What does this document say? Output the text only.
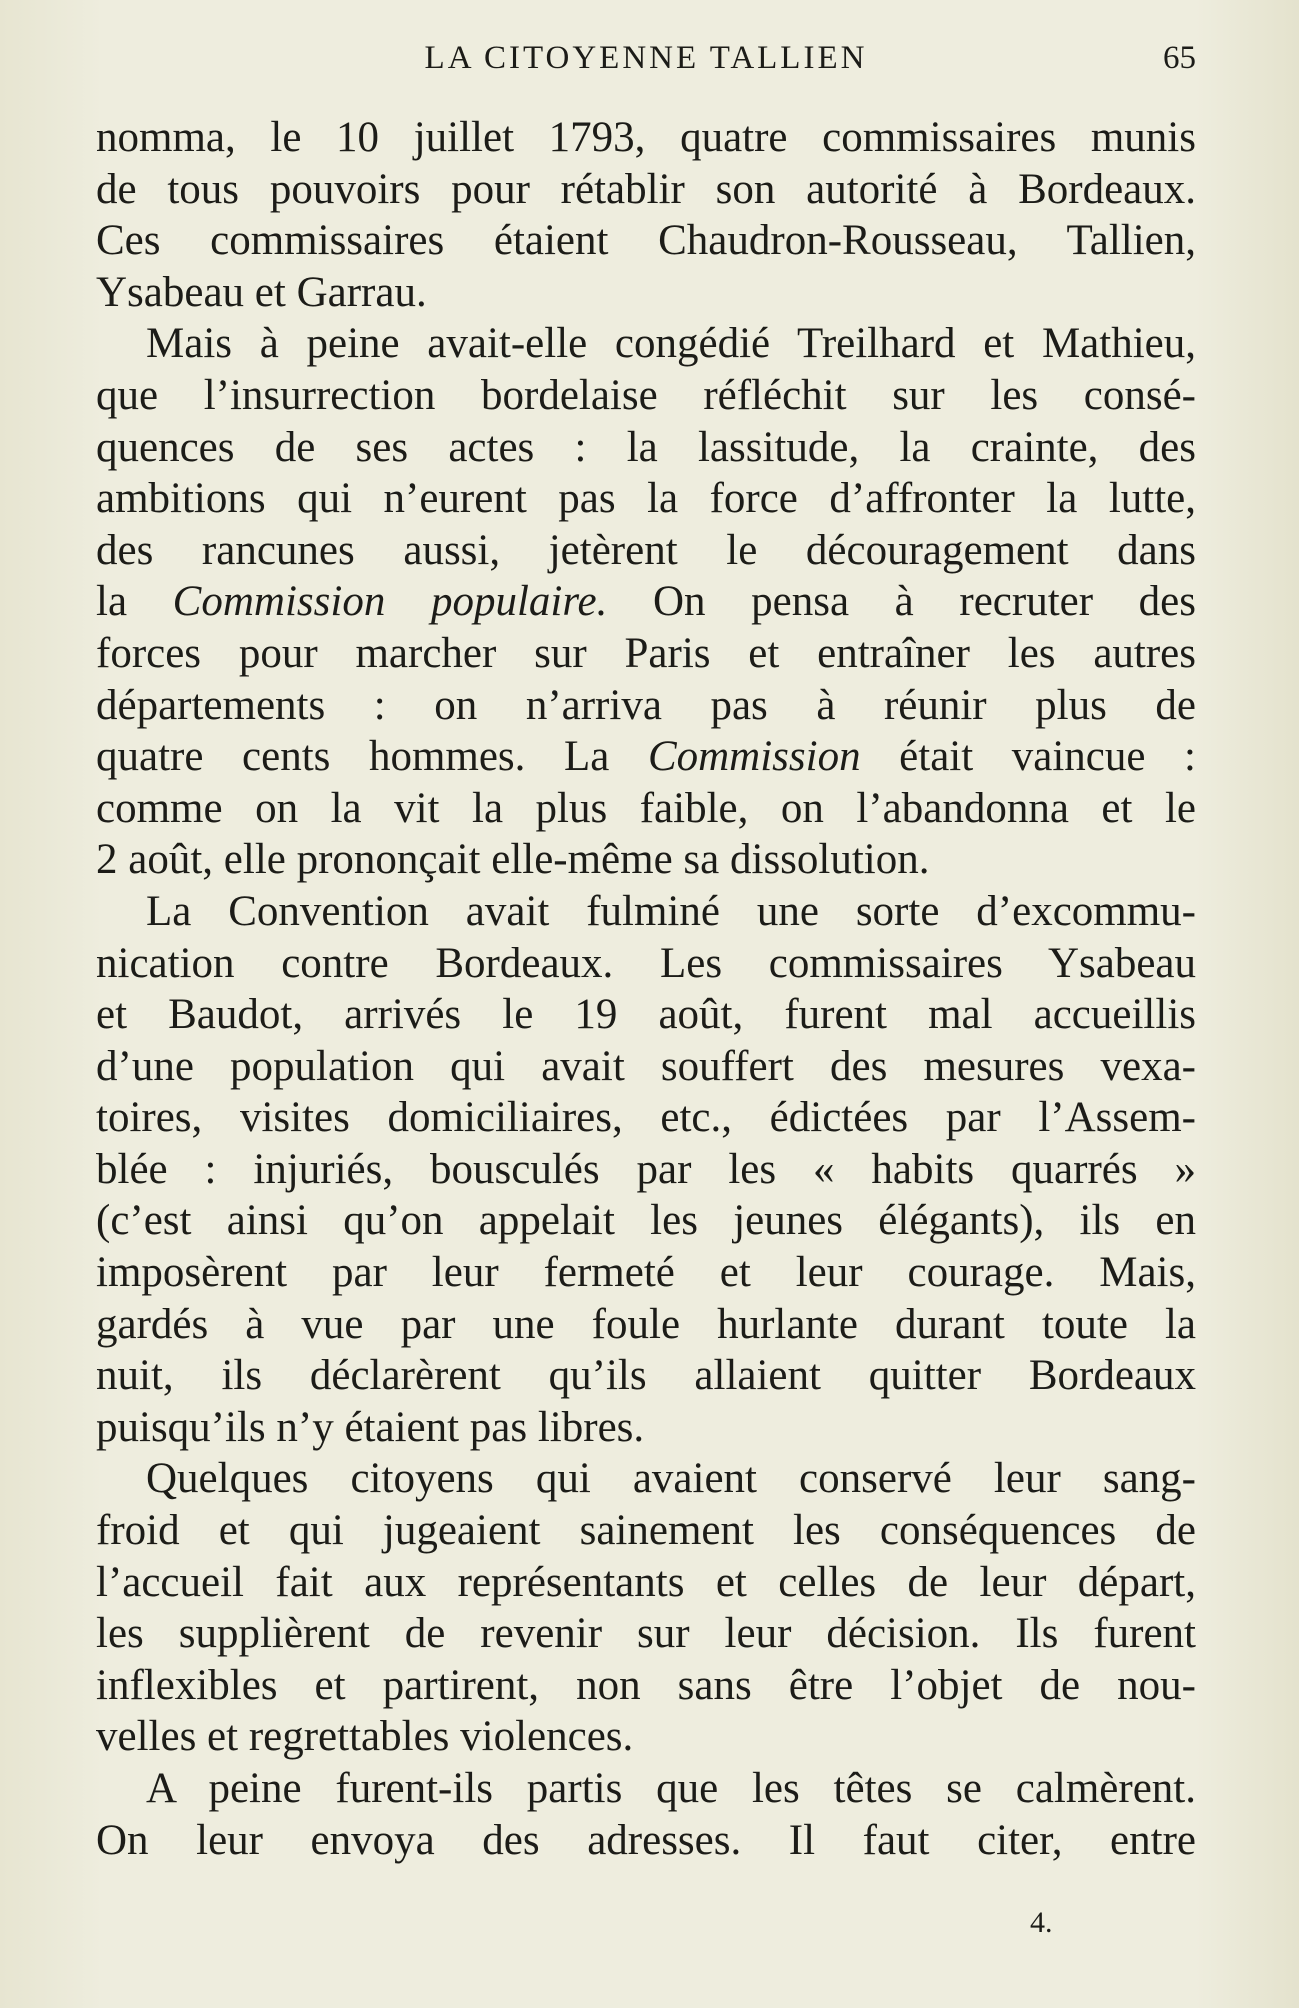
LA CITOYENNE TALLIEN	65
nomma, le 10 juillet 1793, quatre commissaires munis
de tous pouvoirs pour rétablir son autorité à Bordeaux.
Ces commissaires étaient Chaudron-Rousseau, Tallien,
Ysabeau et Garrau.
Mais à peine avait-elle congédié Treilhard et Mathieu,
que l’insurrection bordelaise réfléchit sur les consé-
quences de ses actes : la lassitude, la crainte, des
ambitions qui n’eurent pas la force d’affronter la lutte,
des rancunes aussi, jetèrent le découragement dans
la Commission populaire. On pensa à recruter des
forces pour marcher sur Paris et entraîner les autres
départements : on n’arriva pas à réunir plus de
quatre cents hommes. La Commission était vaincue :
comme on la vit la plus faible, on l’abandonna et le
2 août, elle prononçait elle-même sa dissolution.
La Convention avait fulminé une sorte d’excommu-
nication contre Bordeaux. Les commissaires Ysabeau
et Baudot, arrivés le 19 août, furent mal accueillis
d’une population qui avait souffert des mesures vexa-
toires, visites domiciliaires, etc., édictées par l’Assem-
blée : injuriés, bousculés par les « habits quarrés »
(c’est ainsi qu’on appelait les jeunes élégants), ils en
imposèrent par leur fermeté et leur courage. Mais,
gardés à vue par une foule hurlante durant toute la
nuit, ils déclarèrent qu’ils allaient quitter Bordeaux
puisqu’ils n’y étaient pas libres.
Quelques citoyens qui avaient conservé leur sang-
froid et qui jugeaient sainement les conséquences de
l’accueil fait aux représentants et celles de leur départ,
les supplièrent de revenir sur leur décision. Ils furent
inflexibles et partirent, non sans être l’objet de nou-
velles et regrettables violences.
A peine furent-ils partis que les têtes se calmèrent.
On leur envoya des adresses. Il faut citer, entre
4.
